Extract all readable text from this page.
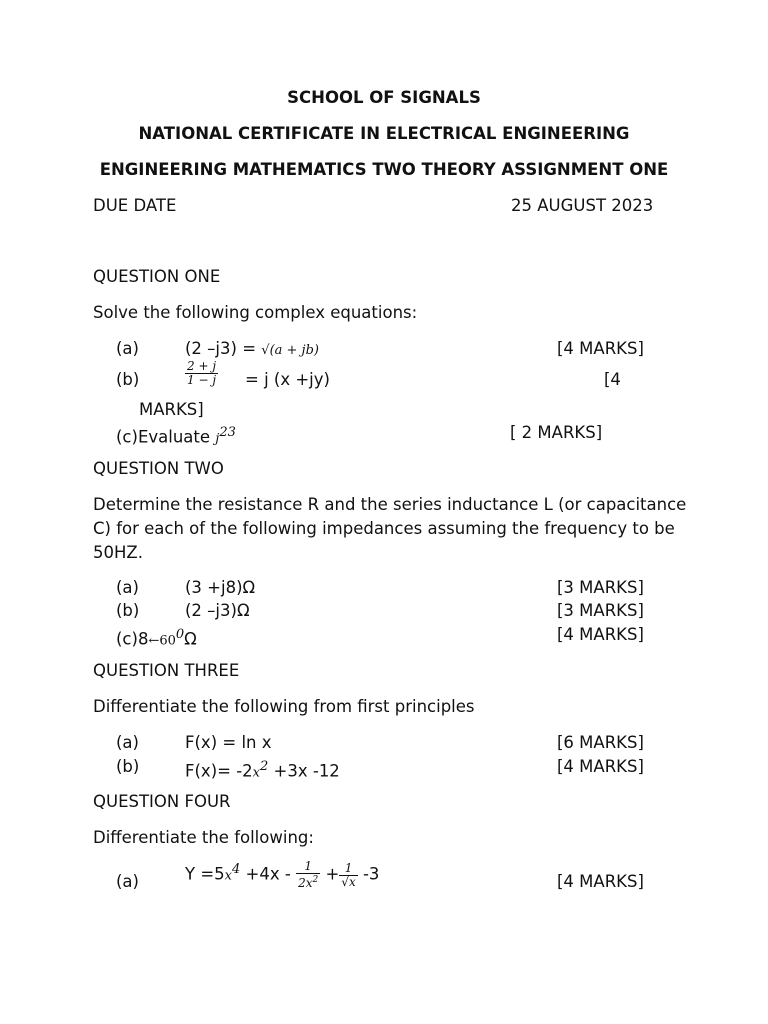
SCHOOL OF SIGNALS
NATIONAL CERTIFICATE IN ELECTRICAL ENGINEERING
ENGINEERING MATHEMATICS TWO THEORY ASSIGNMENT ONE
DUE DATE	25 AUGUST 2023
QUESTION ONE
Solve the following complex equations:
(a)	(2 –j3) = √(a + jb)	[4 MARKS]
(b)	$\frac{2 + j}{1 - j} = j$ (x +jy)	[4
MARKS]
(c)Evaluate $j^{23}$	[ 2 MARKS]
QUESTION TWO
Determine the resistance R and the series inductance L (or capacitance
C) for each of the following impedances assuming the frequency to be
50HZ.
(a)	(3 +j8)Ω	[3 MARKS]
(b)	(2 –j3)Ω	[3 MARKS]
$(c)8\leftarrow 60^0\Omega$	[4 MARKS]
QUESTION THREE
Differentiate the following from first principles
(a)	F(x) = ln x	[6 MARKS]
(b)	$F(x)= -2x^2 +3x$ -12	[4 MARKS]
QUESTION FOUR
Differentiate the following:
(a)	$Y =5x^4 +4x - \frac{1}{2x^2} + \frac{1}{√x} -3$	[4 MARKS]
